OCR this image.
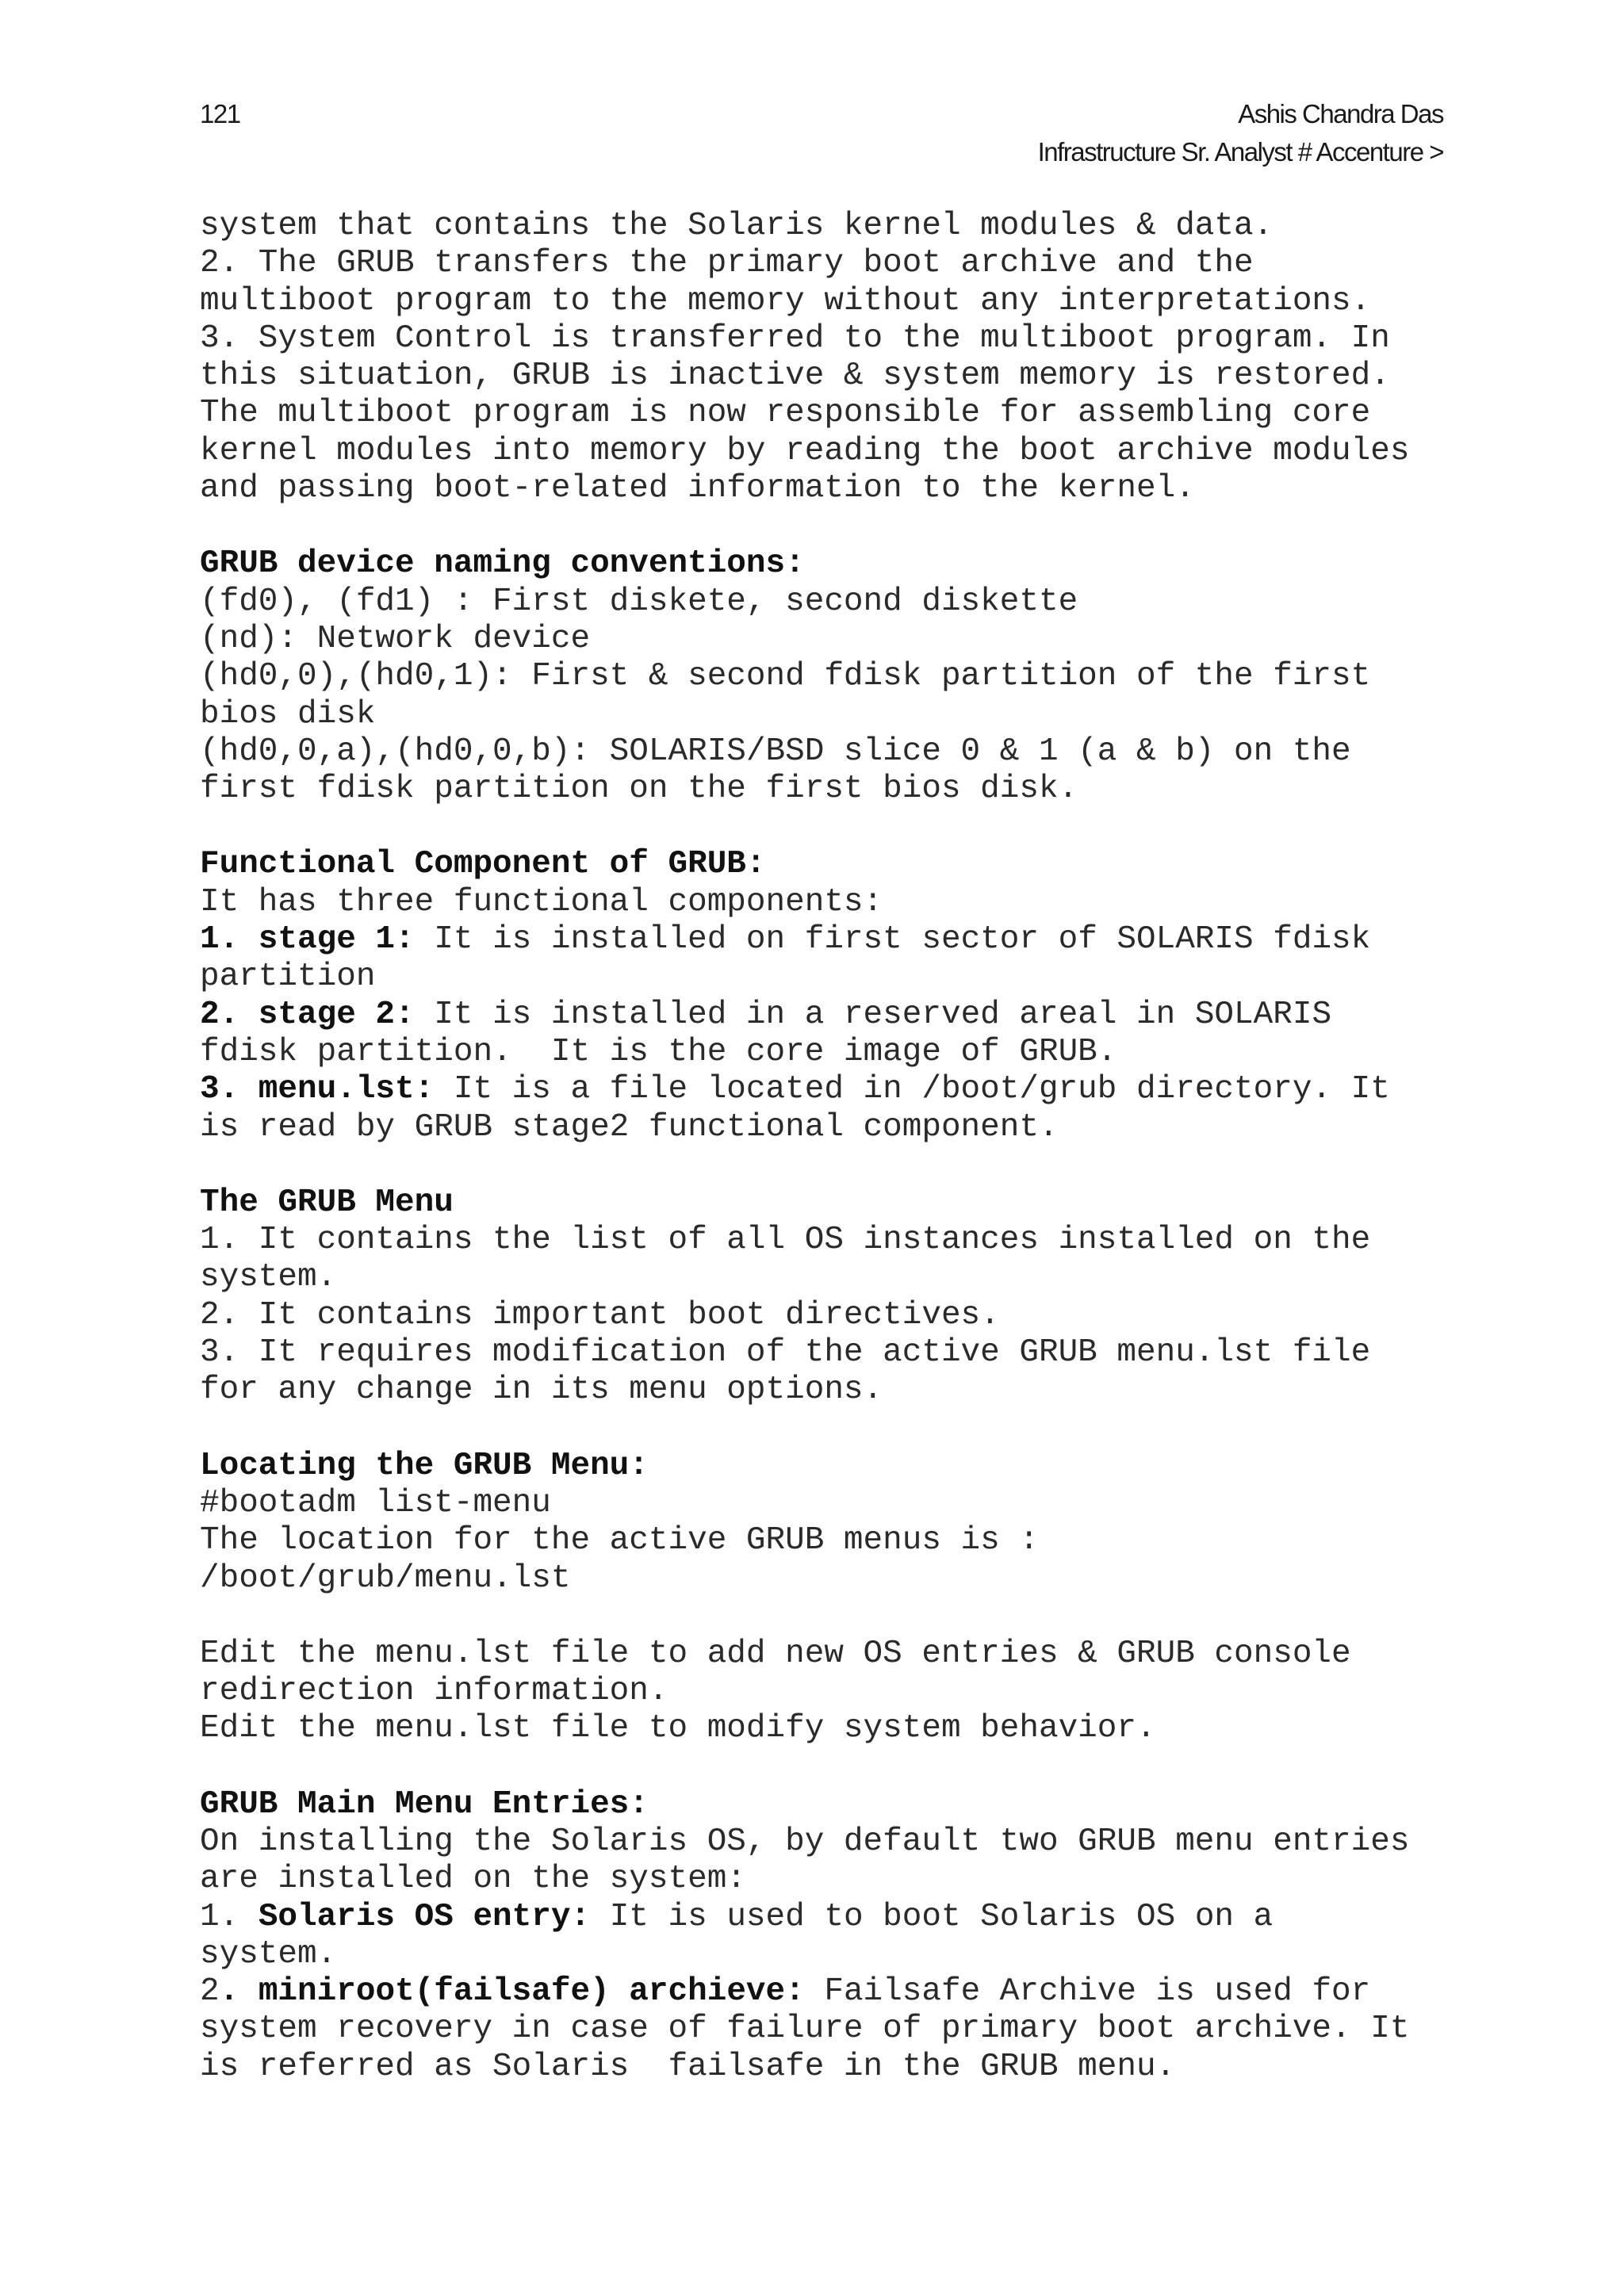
121	Ashis Chandra Das
Infrastructure Sr. Analyst # Accenture >
system that contains the Solaris kernel modules & data.
2. The GRUB transfers the primary boot archive and the
multiboot program to the memory without any interpretations.
3. System Control is transferred to the multiboot program. In
this situation, GRUB is inactive & system memory is restored.
The multiboot program is now responsible for assembling core
kernel modules into memory by reading the boot archive modules
and passing boot-related information to the kernel.
GRUB device naming conventions:
(fd0), (fd1) : First diskete, second diskette
(nd): Network device
(hd0,0),(hd0,1): First & second fdisk partition of the first
bios disk
(hd0,0,a),(hd0,0,b): SOLARIS/BSD slice 0 & 1 (a & b) on the
first fdisk partition on the first bios disk.
Functional Component of GRUB:
It has three functional components:
1. stage 1: It is installed on first sector of SOLARIS fdisk
partition
2. stage 2: It is installed in a reserved areal in SOLARIS
fdisk partition.  It is the core image of GRUB.
3. menu.lst: It is a file located in /boot/grub directory. It
is read by GRUB stage2 functional component.
The GRUB Menu
1. It contains the list of all OS instances installed on the
system.
2. It contains important boot directives.
3. It requires modification of the active GRUB menu.lst file
for any change in its menu options.
Locating the GRUB Menu:
#bootadm list-menu
The location for the active GRUB menus is :
/boot/grub/menu.lst
Edit the menu.lst file to add new OS entries & GRUB console
redirection information.
Edit the menu.lst file to modify system behavior.
GRUB Main Menu Entries:
On installing the Solaris OS, by default two GRUB menu entries
are installed on the system:
1. Solaris OS entry: It is used to boot Solaris OS on a
system.
2. miniroot(failsafe) archieve: Failsafe Archive is used for
system recovery in case of failure of primary boot archive. It
is referred as Solaris  failsafe in the GRUB menu.
